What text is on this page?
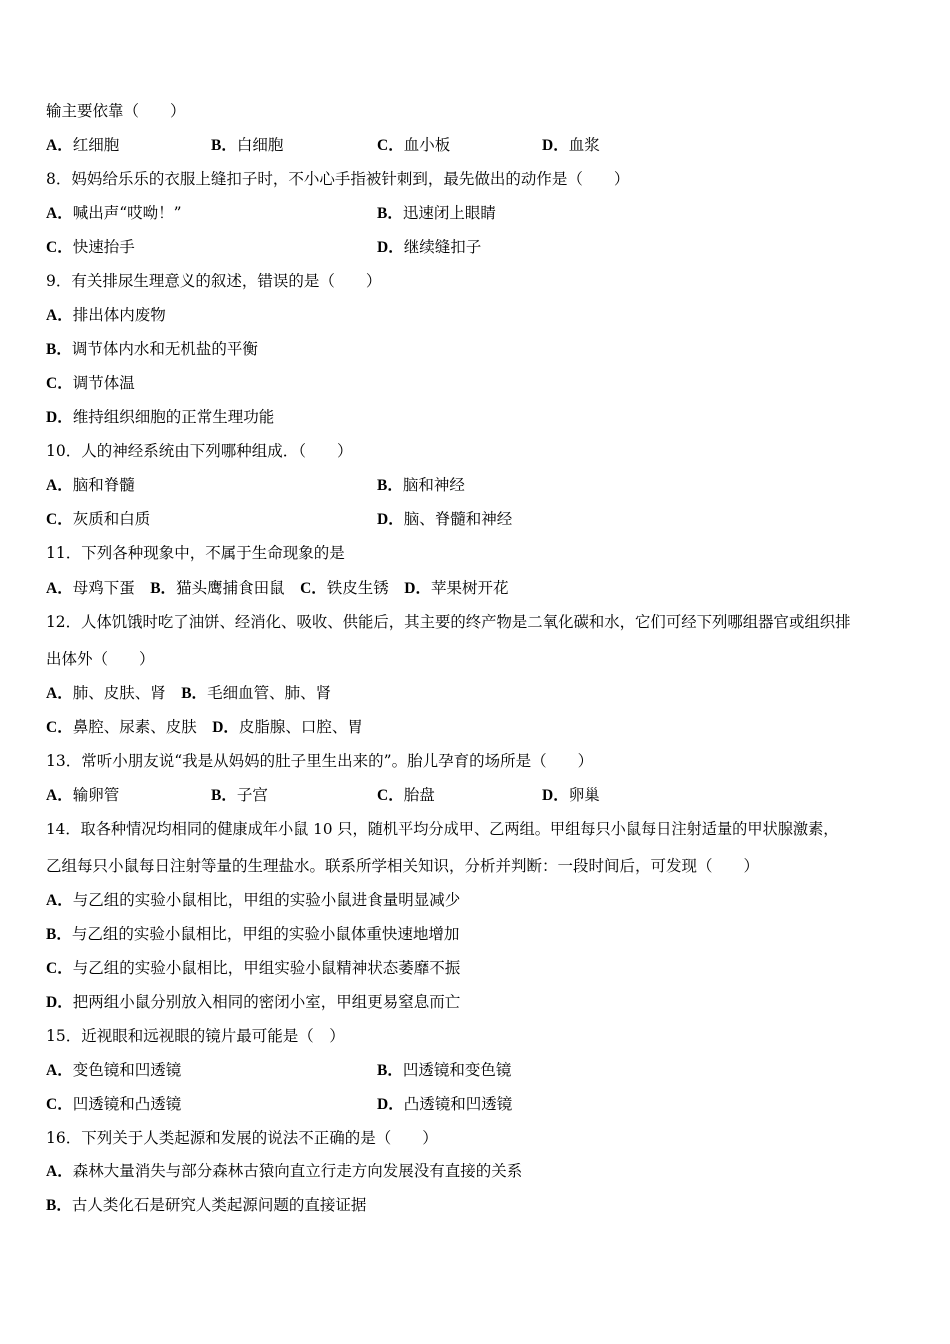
输主要依靠（　　）
A．红细胞	B．白细胞	C．血小板	D．血浆
8．妈妈给乐乐的衣服上缝扣子时，不小心手指被针刺到，最先做出的动作是（　　）
A．喊出声“哎呦！”	B．迅速闭上眼睛
C．快速抬手	D．继续缝扣子
9．有关排尿生理意义的叙述，错误的是（　　）
A．排出体内废物
B．调节体内水和无机盐的平衡
C．调节体温
D．维持组织细胞的正常生理功能
10．人的神经系统由下列哪种组成．（　　）
A．脑和脊髓	B．脑和神经
C．灰质和白质	D．脑、脊髓和神经
11．下列各种现象中，不属于生命现象的是
A．母鸡下蛋  B．猫头鹰捕食田鼠  C．铁皮生锈  D．苹果树开花
12．人体饥饿时吃了油饼、经消化、吸收、供能后，其主要的终产物是二氧化碳和水，它们可经下列哪组器官或组织排
出体外（　　）
A．肺、皮肤、肾  B．毛细血管、肺、肾
C．鼻腔、尿素、皮肤  D．皮脂腺、口腔、胃
13．常听小朋友说“我是从妈妈的肚子里生出来的”。胎儿孕育的场所是（　　）
A．输卵管	B．子宫	C．胎盘	D．卵巢
14．取各种情况均相同的健康成年小鼠 10 只，随机平均分成甲、乙两组。甲组每只小鼠每日注射适量的甲状腺激素，
乙组每只小鼠每日注射等量的生理盐水。联系所学相关知识，分析并判断：一段时间后，可发现（　　）
A．与乙组的实验小鼠相比，甲组的实验小鼠进食量明显减少
B．与乙组的实验小鼠相比，甲组的实验小鼠体重快速地增加
C．与乙组的实验小鼠相比，甲组实验小鼠精神状态萎靡不振
D．把两组小鼠分别放入相同的密闭小室，甲组更易窒息而亡
15．近视眼和远视眼的镜片最可能是（　）
A．变色镜和凹透镜	B．凹透镜和变色镜
C．凹透镜和凸透镜	D．凸透镜和凹透镜
16．下列关于人类起源和发展的说法不正确的是（　　）
A．森林大量消失与部分森林古猿向直立行走方向发展没有直接的关系
B．古人类化石是研究人类起源问题的直接证据
